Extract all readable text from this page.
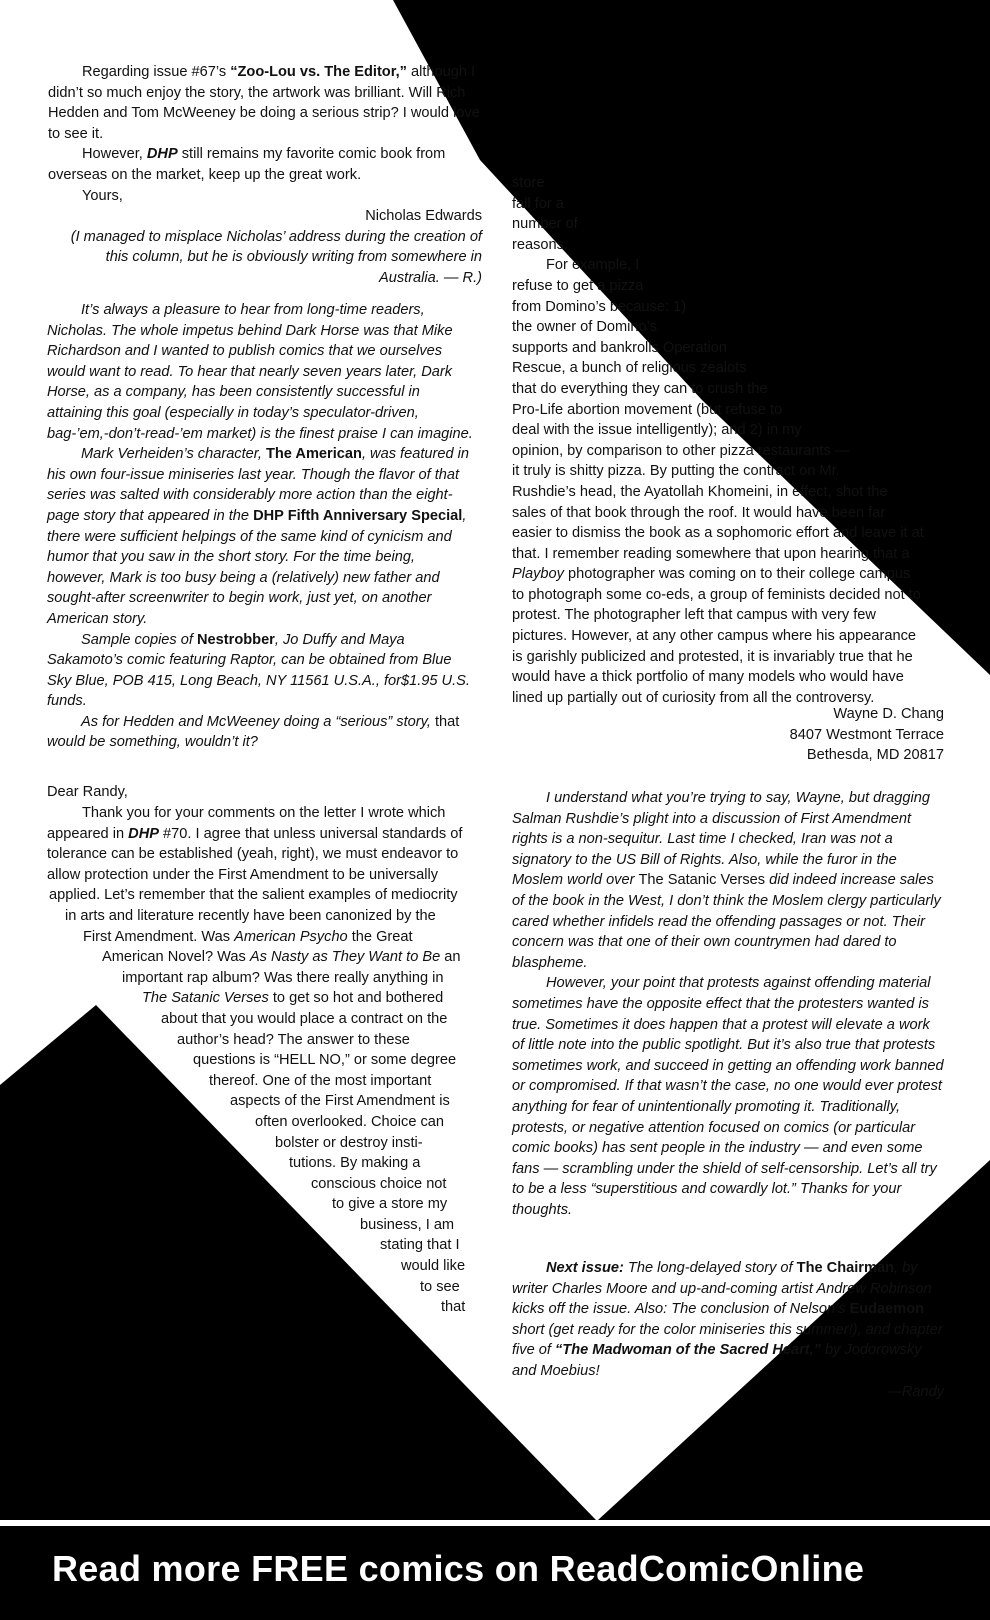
Regarding issue #67’s “Zoo-Lou vs. The Editor,” although I didn’t so much enjoy the story, the artwork was brilliant. Will Rich Hedden and Tom McWeeney be doing a serious strip? I would love to see it.

However, DHP still remains my favorite comic book from overseas on the market, keep up the great work.

Yours,

Nicholas Edwards

(I managed to misplace Nicholas’ address during the creation of this column, but he is obviously writing from somewhere in Australia. — R.)

It’s always a pleasure to hear from long-time readers, Nicholas. The whole impetus behind Dark Horse was that Mike Richardson and I wanted to publish comics that we ourselves would want to read. To hear that nearly seven years later, Dark Horse, as a company, has been consistently successful in attaining this goal (especially in today’s speculator-driven, bag-’em,-don’t-read-’em market) is the finest praise I can imagine.

Mark Verheiden’s character, The American, was featured in his own four-issue miniseries last year. Though the flavor of that series was salted with considerably more action than the eight-page story that appeared in the DHP Fifth Anniversary Special, there were sufficient helpings of the same kind of cynicism and humor that you saw in the short story. For the time being, however, Mark is too busy being a (relatively) new father and sought-after screenwriter to begin work, just yet, on another American story.

Sample copies of Nestrobber, Jo Duffy and Maya Sakamoto’s comic featuring Raptor, can be obtained from Blue Sky Blue, POB 415, Long Beach, NY 11561 U.S.A., for$1.95 U.S. funds.

As for Hedden and McWeeney doing a “serious” story, that would be something, wouldn’t it?

Dear Randy,

Thank you for your comments on the letter I wrote which
appeared in DHP #70. I agree that unless universal standards of
tolerance can be established (yeah, right), we must endeavor to
allow protection under the First Amendment to be universally
applied. Let’s remember that the salient examples of mediocrity
in arts and literature recently have been canonized by the
First Amendment. Was American Psycho the Great
American Novel? Was As Nasty as They Want to Be an
important rap album? Was there really anything in
The Satanic Verses to get so hot and bothered
about that you would place a contract on the
author’s head? The answer to these
questions is “HELL NO,” or some degree
thereof. One of the most important
aspects of the First Amendment is
often overlooked. Choice can
bolster or destroy insti-
tutions. By making a
conscious choice not
to give a store my
business, I am
stating that I
would like
to see
that
store
fall for a
number of
reasons.
For example, I
refuse to get a pizza
from Domino’s because: 1)
the owner of Domino’s
supports and bankrolls Operation
Rescue, a bunch of religious zealots
that do everything they can to crush the
Pro-Life abortion movement (but refuse to
deal with the issue intelligently); and 2) in my
opinion, by comparison to other pizza restaurants —
it truly is shitty pizza. By putting the contract on Mr.
Rushdie’s head, the Ayatollah Khomeini, in effect, shot the
sales of that book through the roof. It would have been far
easier to dismiss the book as a sophomoric effort and leave it at
that. I remember reading somewhere that upon hearing that a
Playboy photographer was coming on to their college campus
to photograph some co-eds, a group of feminists decided not to
protest. The photographer left that campus with very few
pictures. However, at any other campus where his appearance
is garishly publicized and protested, it is invariably true that he
would have a thick portfolio of many models who would have
lined up partially out of curiosity from all the controversy.

Wayne D. Chang

8407 Westmont Terrace

Bethesda, MD 20817

I understand what you’re trying to say, Wayne, but dragging Salman Rushdie’s plight into a discussion of First Amendment rights is a non-sequitur. Last time I checked, Iran was not a signatory to the US Bill of Rights. Also, while the furor in the Moslem world over The Satanic Verses did indeed increase sales of the book in the West, I don’t think the Moslem clergy particularly cared whether infidels read the offending passages or not. Their concern was that one of their own countrymen had dared to blaspheme.

However, your point that protests against offending material sometimes have the opposite effect that the protesters wanted is true. Sometimes it does happen that a protest will elevate a work of little note into the public spotlight. But it’s also true that protests sometimes work, and succeed in getting an offending work banned or compromised. If that wasn’t the case, no one would ever protest anything for fear of unintentionally promoting it. Traditionally, protests, or negative attention focused on comics (or particular comic books) has sent people in the industry — and even some fans — scrambling under the shield of self-censorship. Let’s all try to be a less “superstitious and cowardly lot.” Thanks for your thoughts.

Next issue: The long-delayed story of The Chairman, by writer Charles Moore and up-and-coming artist Andrew Robinson kicks off the issue. Also: The conclusion of Nelson’s Eudaemon short (get ready for the color miniseries this summer!), and chapter five of “The Madwoman of the Sacred Heart,” by Jodorowsky and Moebius!

—Randy

Read more FREE comics on ReadComicOnline
